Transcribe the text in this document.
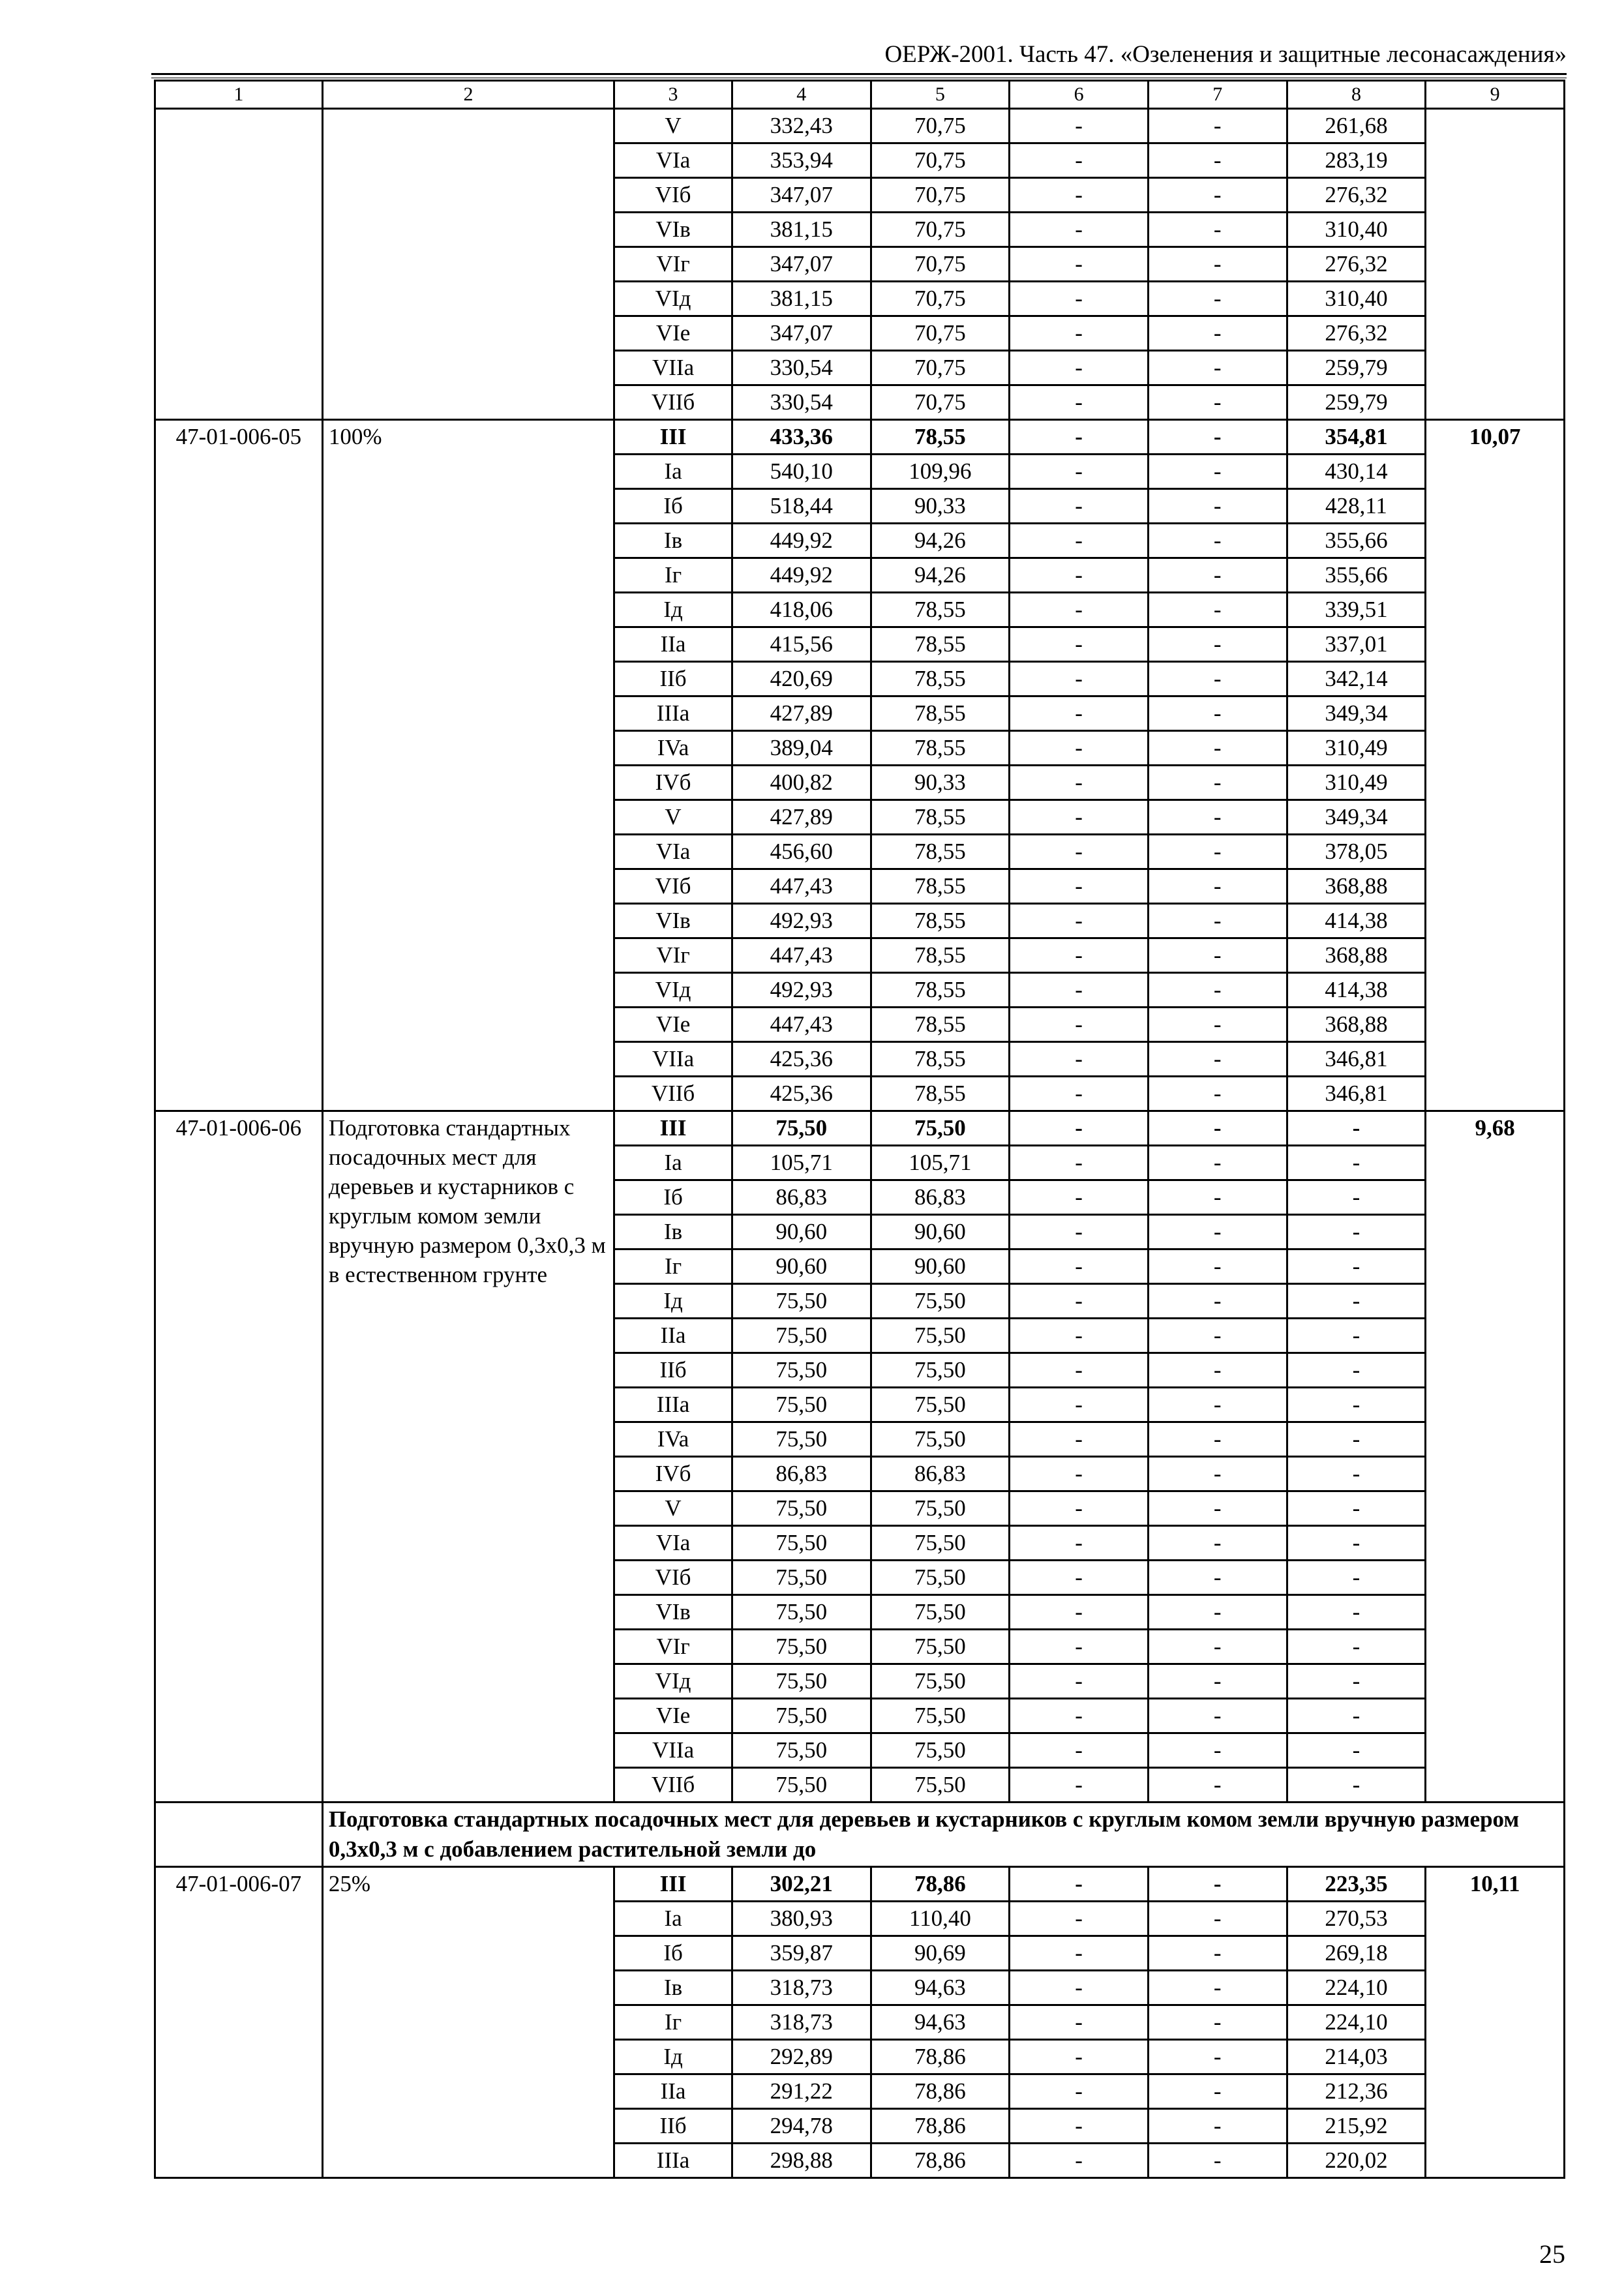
ОЕРЖ-2001. Часть 47. «Озеленения и защитные лесонасаждения»
1	2	3	4	5	6	7	8	9
		V	332,43	70,75	-	-	261,68	
		VIa	353,94	70,75	-	-	283,19	
		VIб	347,07	70,75	-	-	276,32	
		VIв	381,15	70,75	-	-	310,40	
		VIг	347,07	70,75	-	-	276,32	
		VIд	381,15	70,75	-	-	310,40	
		VIe	347,07	70,75	-	-	276,32	
		VIIa	330,54	70,75	-	-	259,79	
		VIIб	330,54	70,75	-	-	259,79	
47-01-006-05	100%	III	433,36	78,55	-	-	354,81	10,07
		Ia	540,10	109,96	-	-	430,14	
		Iб	518,44	90,33	-	-	428,11	
		Iв	449,92	94,26	-	-	355,66	
		Iг	449,92	94,26	-	-	355,66	
		Iд	418,06	78,55	-	-	339,51	
		IIa	415,56	78,55	-	-	337,01	
		IIб	420,69	78,55	-	-	342,14	
		IIIa	427,89	78,55	-	-	349,34	
		IVa	389,04	78,55	-	-	310,49	
		IVб	400,82	90,33	-	-	310,49	
		V	427,89	78,55	-	-	349,34	
		VIa	456,60	78,55	-	-	378,05	
		VIб	447,43	78,55	-	-	368,88	
		VIв	492,93	78,55	-	-	414,38	
		VIг	447,43	78,55	-	-	368,88	
		VIд	492,93	78,55	-	-	414,38	
		VIe	447,43	78,55	-	-	368,88	
		VIIa	425,36	78,55	-	-	346,81	
		VIIб	425,36	78,55	-	-	346,81	
47-01-006-06	Подготовка стандартных посадочных мест для деревьев и кустарников с круглым комом земли вручную размером 0,3х0,3 м в естественном грунте	III	75,50	75,50	-	-	-	9,68
		Ia	105,71	105,71	-	-	-	
		Iб	86,83	86,83	-	-	-	
		Iв	90,60	90,60	-	-	-	
		Iг	90,60	90,60	-	-	-	
		Iд	75,50	75,50	-	-	-	
		IIa	75,50	75,50	-	-	-	
		IIб	75,50	75,50	-	-	-	
		IIIa	75,50	75,50	-	-	-	
		IVa	75,50	75,50	-	-	-	
		IVб	86,83	86,83	-	-	-	
		V	75,50	75,50	-	-	-	
		VIa	75,50	75,50	-	-	-	
		VIб	75,50	75,50	-	-	-	
		VIв	75,50	75,50	-	-	-	
		VIг	75,50	75,50	-	-	-	
		VIд	75,50	75,50	-	-	-	
		VIe	75,50	75,50	-	-	-	
		VIIa	75,50	75,50	-	-	-	
		VIIб	75,50	75,50	-	-	-	
	Подготовка стандартных посадочных мест для деревьев и кустарников с круглым комом земли вручную размером 0,3х0,3 м с добавлением растительной земли до							
47-01-006-07	25%	III	302,21	78,86	-	-	223,35	10,11
		Ia	380,93	110,40	-	-	270,53	
		Iб	359,87	90,69	-	-	269,18	
		Iв	318,73	94,63	-	-	224,10	
		Iг	318,73	94,63	-	-	224,10	
		Iд	292,89	78,86	-	-	214,03	
		IIa	291,22	78,86	-	-	212,36	
		IIб	294,78	78,86	-	-	215,92	
		IIIa	298,88	78,86	-	-	220,02	
25
